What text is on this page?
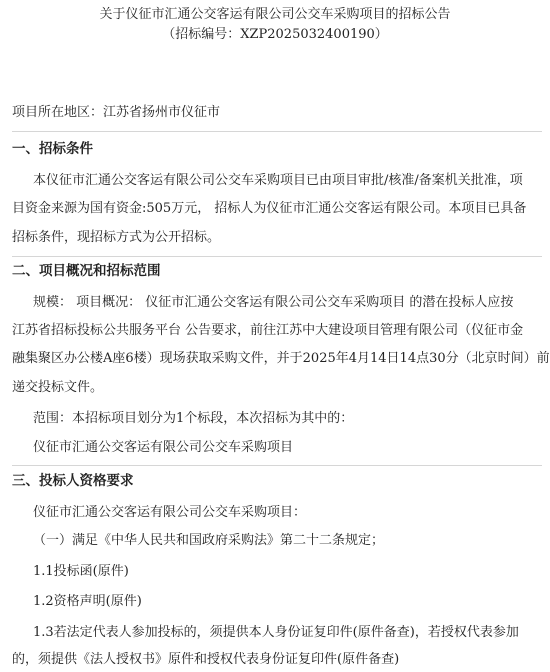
关于仪征市汇通公交客运有限公司公交车采购项目的招标公告
（招标编号：XZP2025032400190）
项目所在地区：江苏省扬州市仪征市
一、招标条件
本仪征市汇通公交客运有限公司公交车采购项目已由项目审批/核准/备案机关批准，项
目资金来源为国有资金:505万元， 招标人为仪征市汇通公交客运有限公司。本项目已具备
招标条件，现招标方式为公开招标。
二、项目概况和招标范围
规模： 项目概况： 仪征市汇通公交客运有限公司公交车采购项目 的潜在投标人应按
江苏省招标投标公共服务平台 公告要求，前往江苏中大建设项目管理有限公司（仪征市金
融集聚区办公楼A座6楼）现场获取采购文件，并于2025年4月14日14点30分（北京时间）前
递交投标文件。
范围：本招标项目划分为1个标段，本次招标为其中的：
仪征市汇通公交客运有限公司公交车采购项目
三、投标人资格要求
仪征市汇通公交客运有限公司公交车采购项目：
（一）满足《中华人民共和国政府采购法》第二十二条规定；
1.1投标函(原件)
1.2资格声明(原件)
1.3若法定代表人参加投标的，须提供本人身份证复印件(原件备查)，若授权代表参加
的，须提供《法人授权书》原件和授权代表身份证复印件(原件备查)
